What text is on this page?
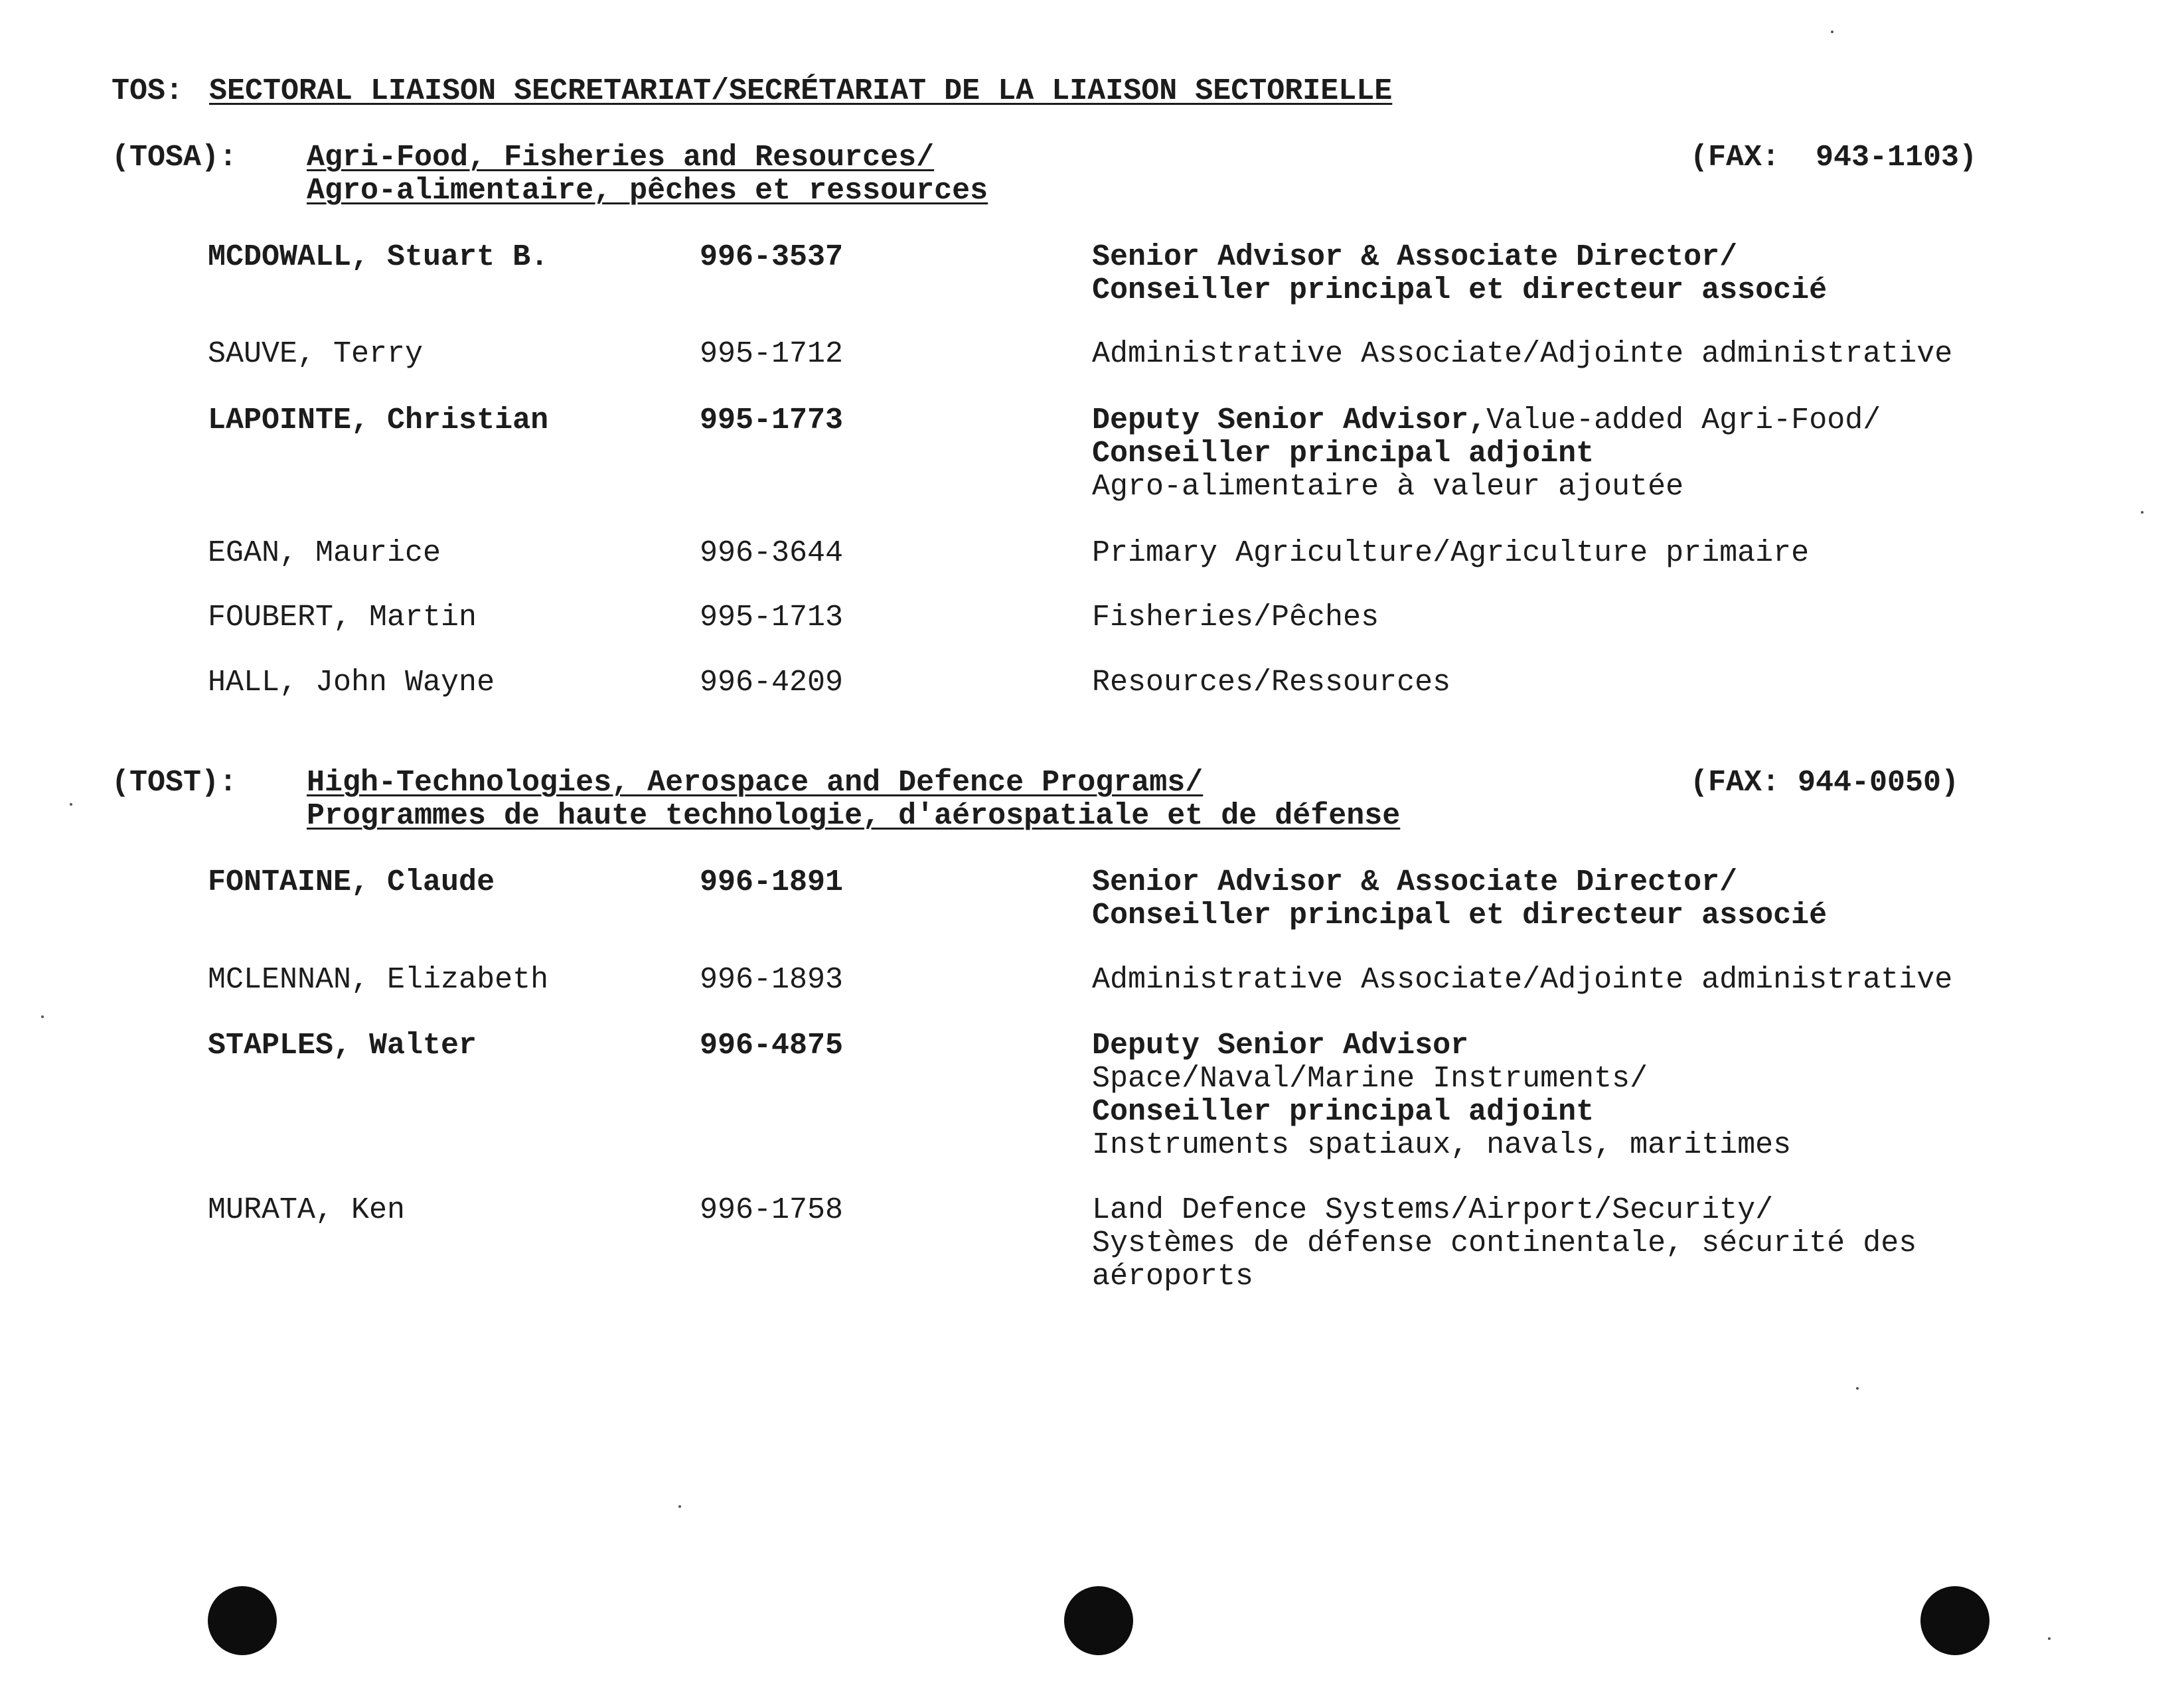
TOS: SECTORAL LIAISON SECRETARIAT/SECRÉTARIAT DE LA LIAISON SECTORIELLE
(TOSA): Agri-Food, Fisheries and Resources/
Agro-alimentaire, pêches et ressources
(FAX:  943-1103)
MCDOWALL, Stuart B.	996-3537	Senior Advisor & Associate Director/
Conseiller principal et directeur associé
SAUVE, Terry	995-1712	Administrative Associate/Adjointe administrative
LAPOINTE, Christian	995-1773	Deputy Senior Advisor,Value-added Agri-Food/
Conseiller principal adjoint
Agro-alimentaire à valeur ajoutée
EGAN, Maurice	996-3644	Primary Agriculture/Agriculture primaire
FOUBERT, Martin	995-1713	Fisheries/Pêches
HALL, John Wayne	996-4209	Resources/Ressources
(TOST): High-Technologies, Aerospace and Defence Programs/
Programmes de haute technologie, d'aérospatiale et de défense
(FAX: 944-0050)
FONTAINE, Claude	996-1891	Senior Advisor & Associate Director/
Conseiller principal et directeur associé
MCLENNAN, Elizabeth	996-1893	Administrative Associate/Adjointe administrative
STAPLES, Walter	996-4875	Deputy Senior Advisor
Space/Naval/Marine Instruments/
Conseiller principal adjoint
Instruments spatiaux, navals, maritimes
MURATA, Ken	996-1758	Land Defence Systems/Airport/Security/
Systèmes de défense continentale, sécurité des
aéroports
